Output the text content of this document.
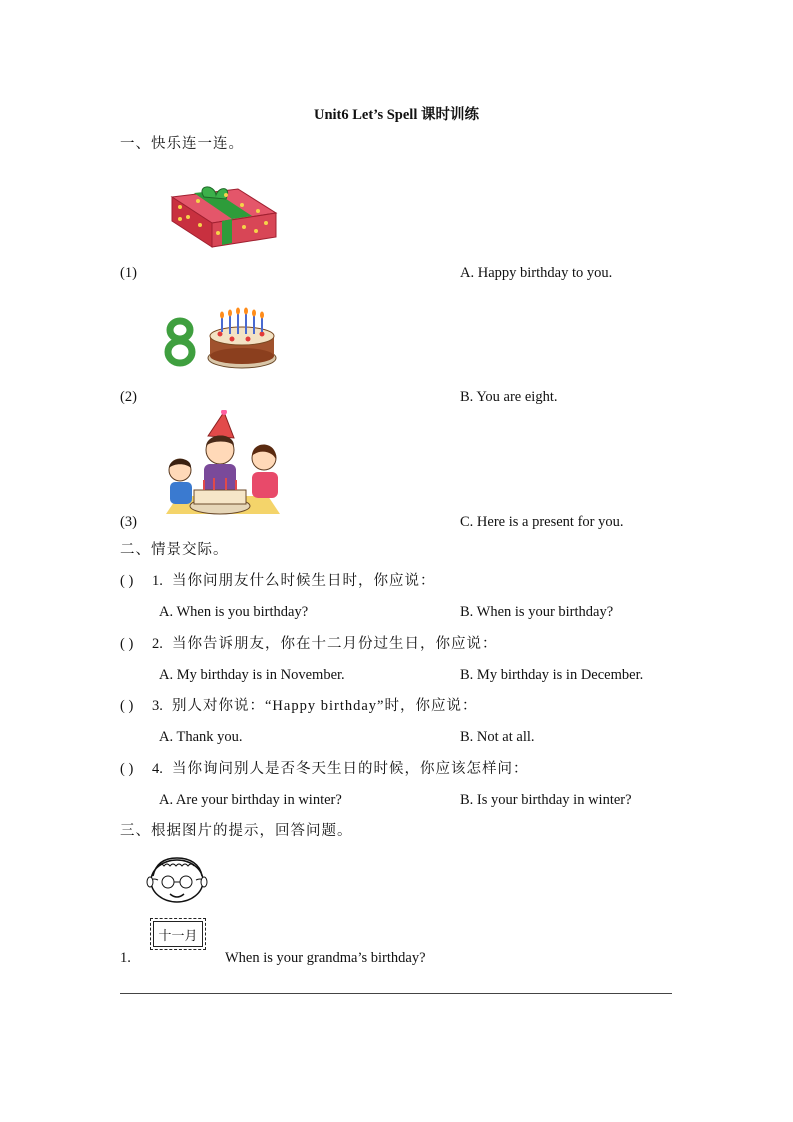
Unit6 Let’s Spell 课时训练
一、快乐连一连。
(1)	A. Happy birthday to you.
(2)	B. You are eight.
(3)	C. Here is a present for you.
二、情景交际。
( ) 1. 当你问朋友什么时候生日时，你应说：
A. When is you birthday?	B. When is your birthday?
( ) 2. 当你告诉朋友，你在十二月份过生日，你应说：
A. My birthday is in November.	B. My birthday is in December.
( ) 3. 别人对你说：“Happy birthday”时，你应说：
A. Thank you.	B. Not at all.
( ) 4. 当你询问别人是否冬天生日的时候，你应该怎样问：
A. Are your birthday in winter?	B. Is your birthday in winter?
三、根据图片的提示，回答问题。
1.
十一月
When is your grandma’s birthday?
